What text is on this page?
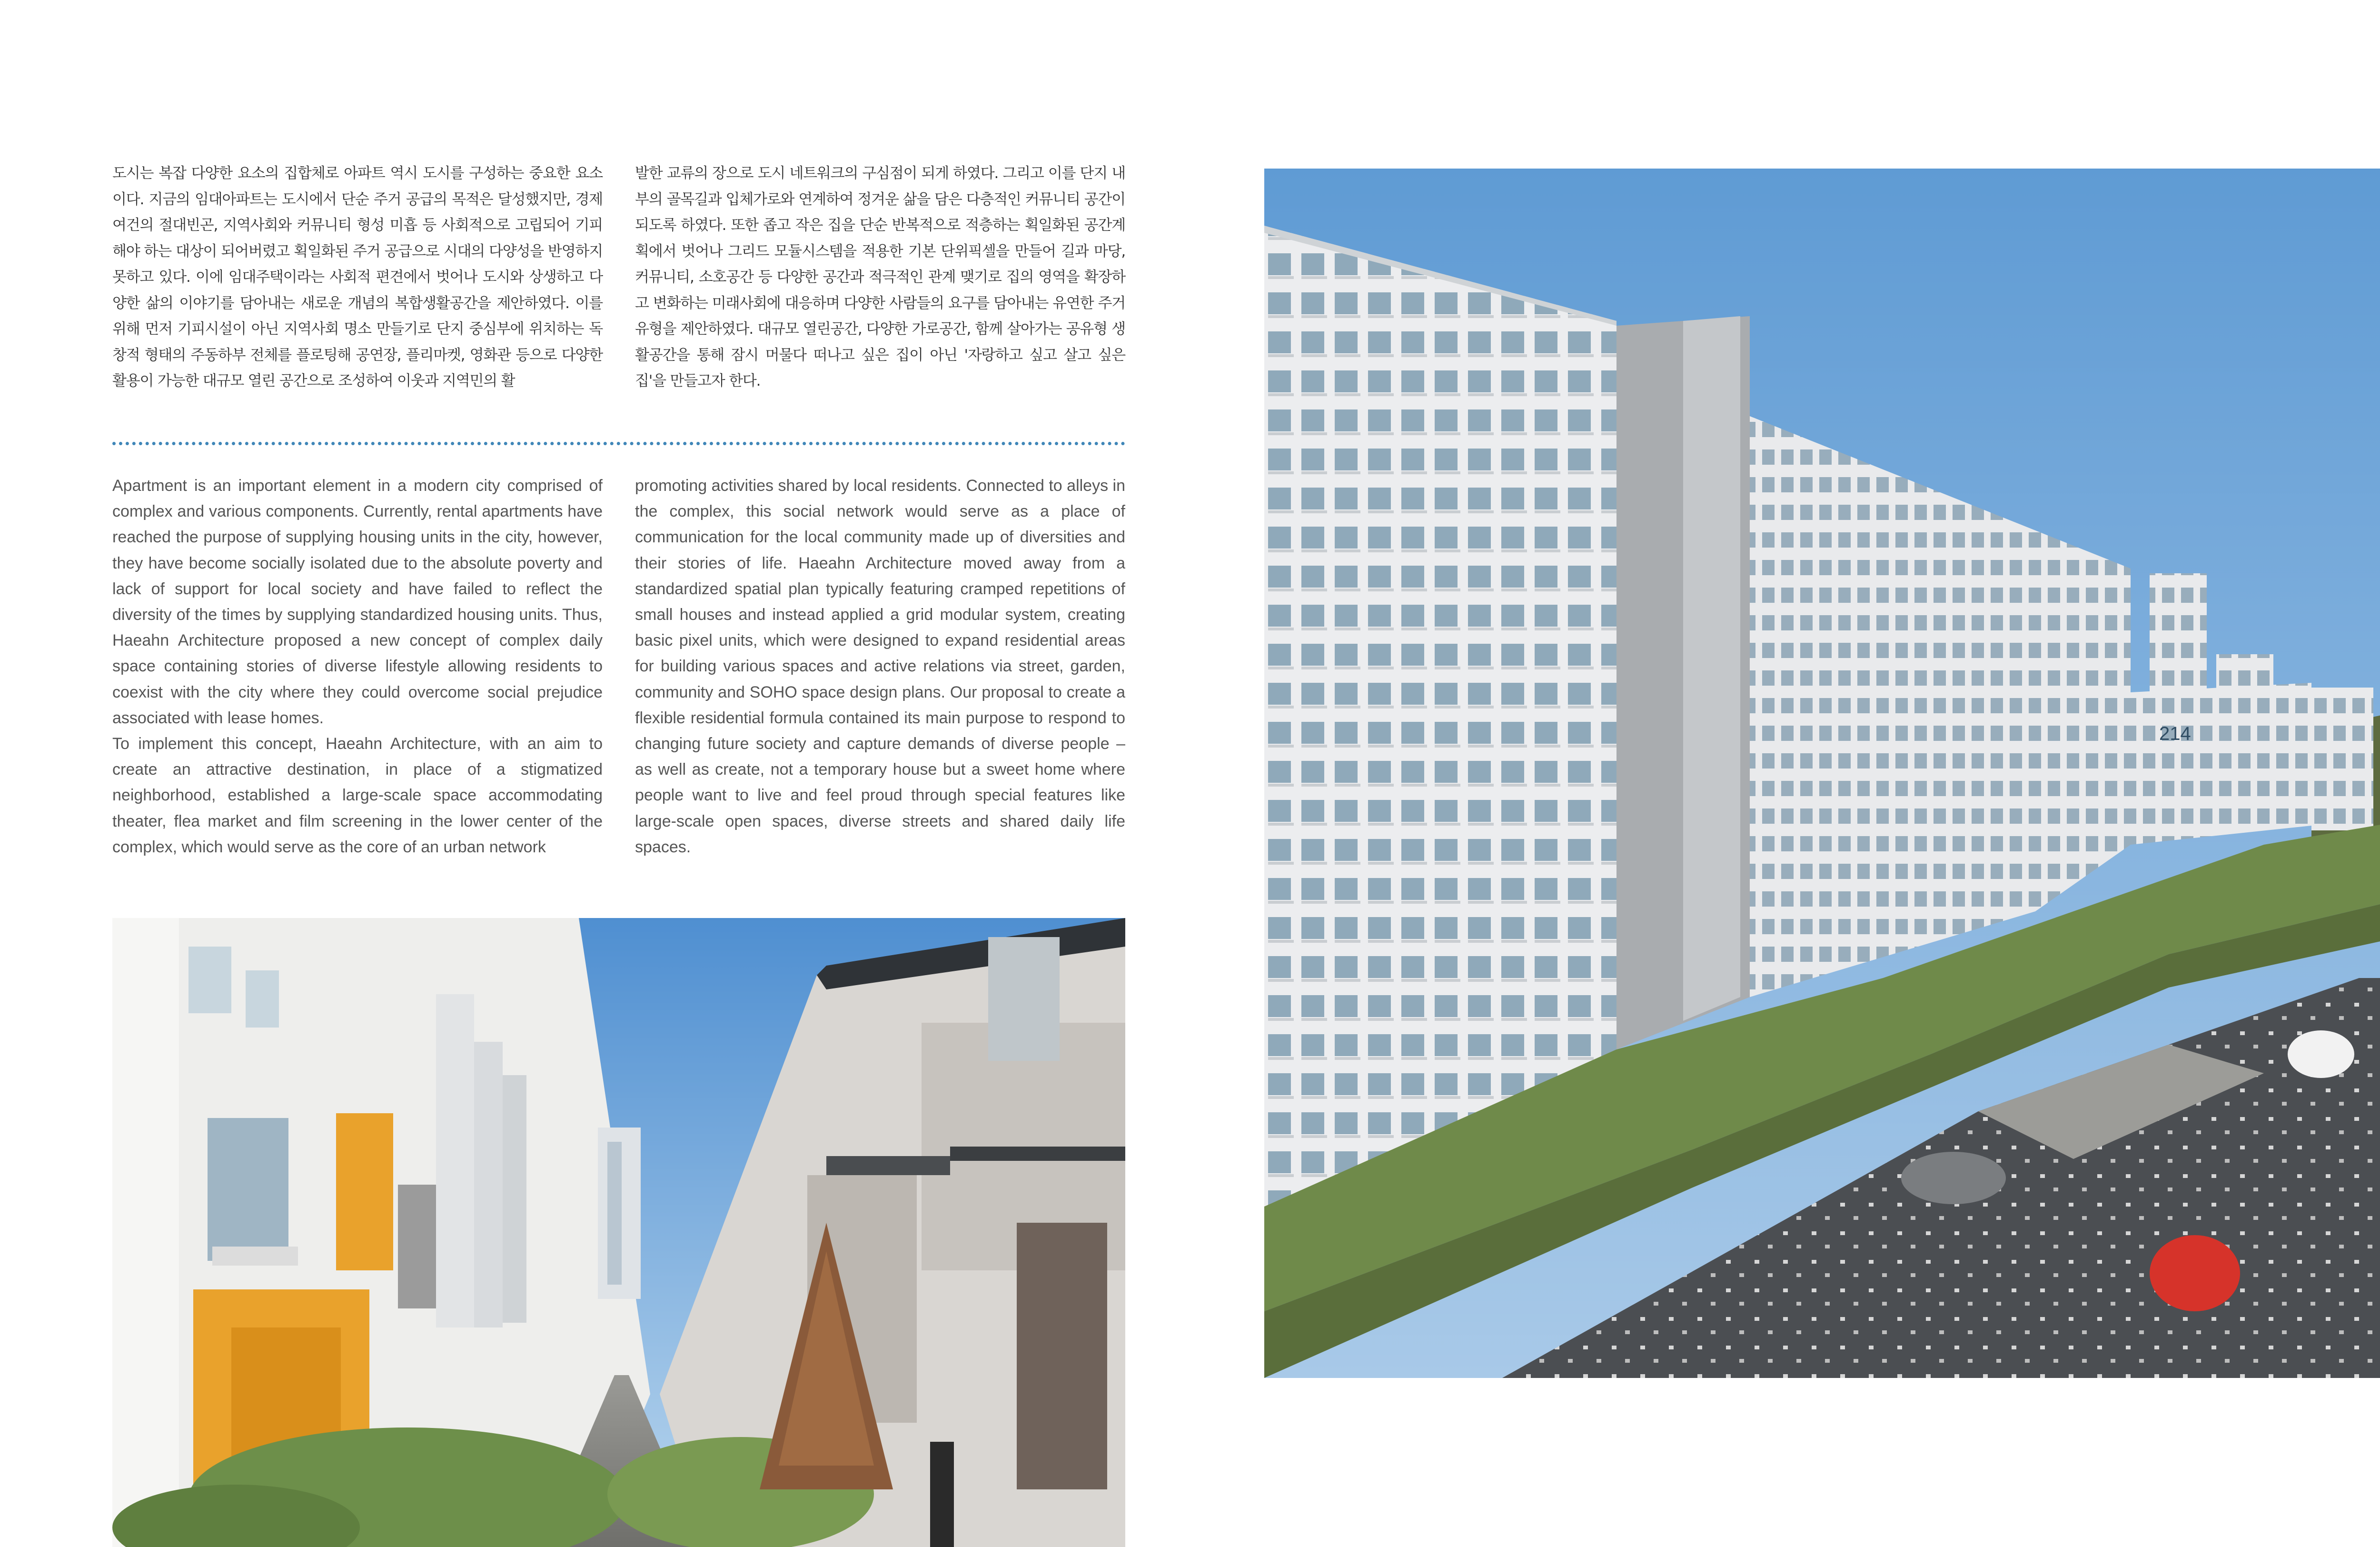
도시는 복잡 다양한 요소의 집합체로 아파트 역시 도시를 구성하는 중요한 요소이다. 지금의 임대아파트는 도시에서 단순 주거 공급의 목적은 달성했지만, 경제여건의 절대빈곤, 지역사회와 커뮤니티 형성 미흡 등 사회적으로 고립되어 기피해야 하는 대상이 되어버렸고 획일화된 주거 공급으로 시대의 다양성을 반영하지 못하고 있다. 이에 임대주택이라는 사회적 편견에서 벗어나 도시와 상생하고 다양한 삶의 이야기를 담아내는 새로운 개념의 복합생활공간을 제안하였다. 이를 위해 먼저 기피시설이 아닌 지역사회 명소 만들기로 단지 중심부에 위치하는 독창적 형태의 주동하부 전체를 플로팅해 공연장, 플리마켓, 영화관 등으로 다양한 활용이 가능한 대규모 열린 공간으로 조성하여 이웃과 지역민의 활

발한 교류의 장으로 도시 네트워크의 구심점이 되게 하였다. 그리고 이를 단지 내부의 골목길과 입체가로와 연계하여 정겨운 삶을 담은 다층적인 커뮤니티 공간이 되도록 하였다. 또한 좁고 작은 집을 단순 반복적으로 적층하는 획일화된 공간계획에서 벗어나 그리드 모듈시스템을 적용한 기본 단위픽셀을 만들어 길과 마당, 커뮤니티, 소호공간 등 다양한 공간과 적극적인 관계 맺기로 집의 영역을 확장하고 변화하는 미래사회에 대응하며 다양한 사람들의 요구를 담아내는 유연한 주거유형을 제안하였다. 대규모 열린공간, 다양한 가로공간, 함께 살아가는 공유형 생활공간을 통해 잠시 머물다 떠나고 싶은 집이 아닌 '자랑하고 싶고 살고 싶은 집'을 만들고자 한다.

Apartment is an important element in a modern city comprised of complex and various components. Currently, rental apartments have reached the purpose of supplying housing units in the city, however, they have become socially isolated due to the absolute poverty and lack of support for local society and have failed to reflect the diversity of the times by supplying standardized housing units. Thus, Haeahn Architecture proposed a new concept of complex daily space containing stories of diverse lifestyle allowing residents to coexist with the city where they could overcome social prejudice associated with lease homes.

To implement this concept, Haeahn Architecture, with an aim to create an attractive destination, in place of a stigmatized neighborhood, established a large-scale space accommodating theater, flea market and film screening in the lower center of the complex, which would serve as the core of an urban network

promoting activities shared by local residents. Connected to alleys in the complex, this social network would serve as a place of communication for the local community made up of diversities and their stories of life. Haeahn Architecture moved away from a standardized spatial plan typically featuring cramped repetitions of small houses and instead applied a grid modular system, creating basic pixel units, which were designed to expand residential areas for building various spaces and active relations via street, garden, community and SOHO space design plans. Our proposal to create a flexible residential formula contained its main purpose to respond to changing future society and capture demands of diverse people – as well as create, not a temporary house but a sweet home where people want to live and feel proud through special features like large-scale open spaces, diverse streets and shared daily life spaces.

214
